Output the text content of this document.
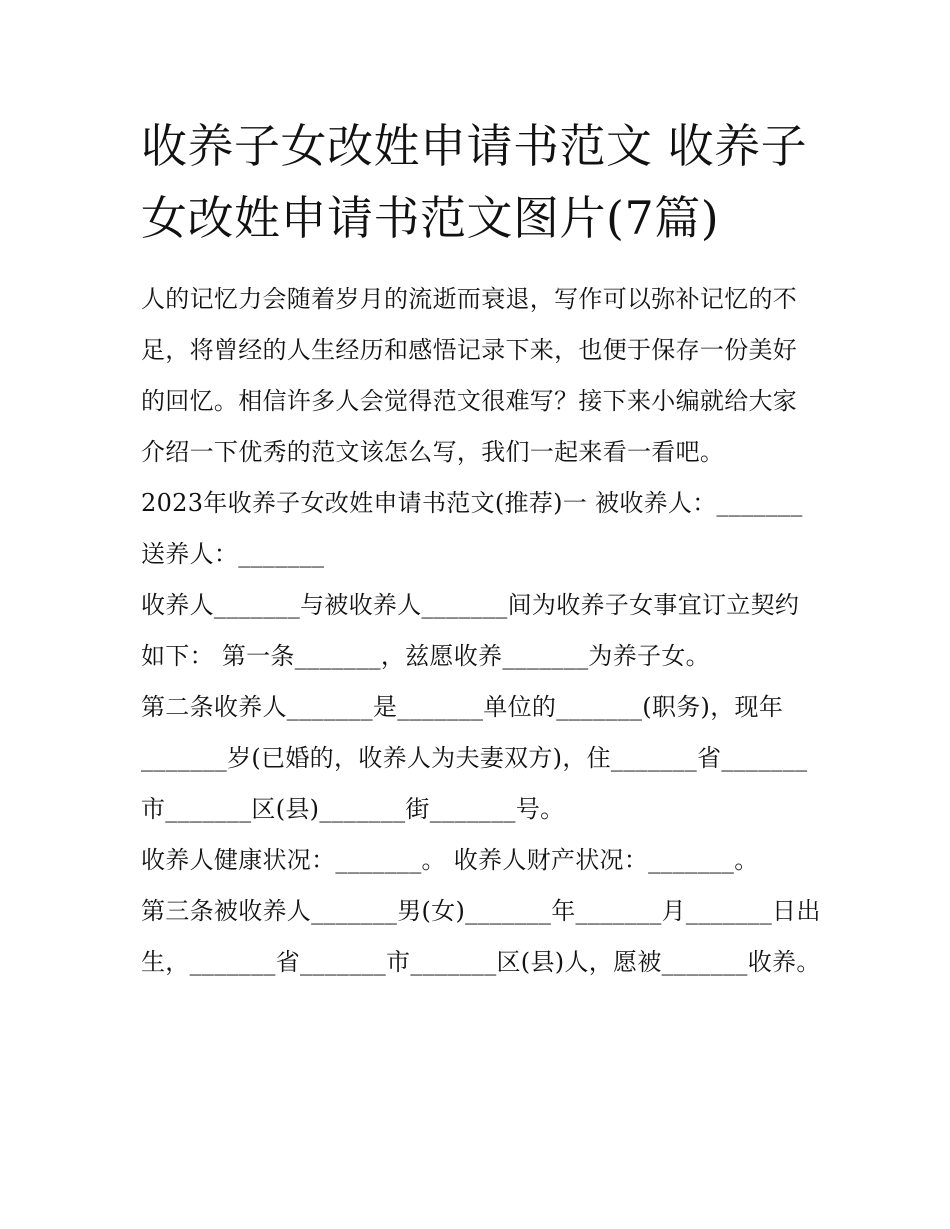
收养子女改姓申请书范文 收养子女改姓申请书范文图片(7篇)

人的记忆力会随着岁月的流逝而衰退，写作可以弥补记忆的不足，将曾经的人生经历和感悟记录下来，也便于保存一份美好的回忆。相信许多人会觉得范文很难写？接下来小编就给大家介绍一下优秀的范文该怎么写，我们一起来看一看吧。

2023年收养子女改姓申请书范文(推荐)一 被收养人：_______ 送养人：_______

收养人_______与被收养人_______间为收养子女事宜订立契约如下： 第一条_______，兹愿收养_______为养子女。

第二条收养人_______是_______单位的_______(职务)，现年_______岁(已婚的，收养人为夫妻双方)，住_______省_______市_______区(县)_______街_______号。

收养人健康状况：_______。 收养人财产状况：_______。

第三条被收养人_______男(女)_______年_______月_______日出生，_______省_______市_______区(县)人，愿被_______收养。
